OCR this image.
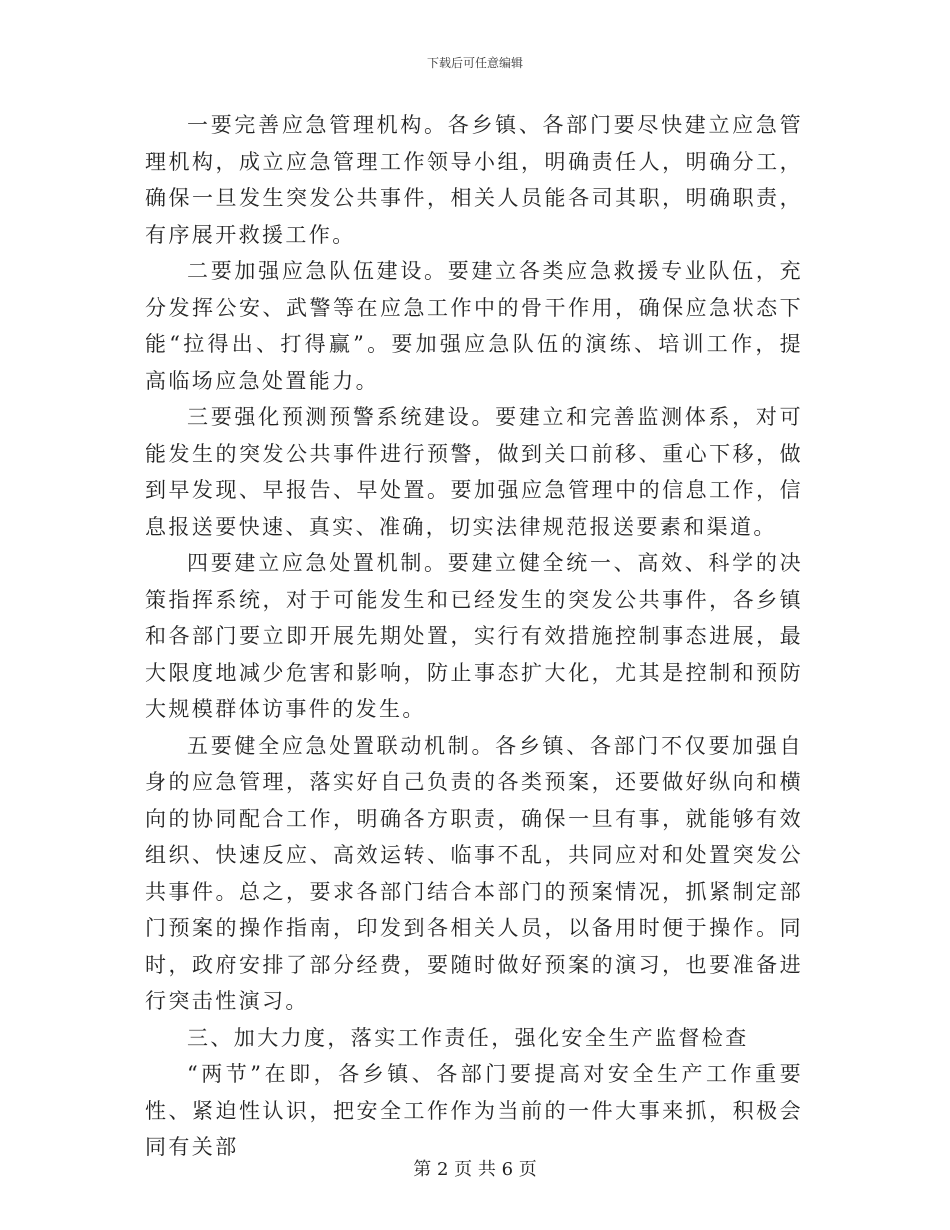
下载后可任意编辑

一要完善应急管理机构。各乡镇、各部门要尽快建立应急管理机构，成立应急管理工作领导小组，明确责任人，明确分工，确保一旦发生突发公共事件，相关人员能各司其职，明确职责，有序展开救援工作。

二要加强应急队伍建设。要建立各类应急救援专业队伍，充分发挥公安、武警等在应急工作中的骨干作用，确保应急状态下能“拉得出、打得赢”。要加强应急队伍的演练、培训工作，提高临场应急处置能力。

三要强化预测预警系统建设。要建立和完善监测体系，对可能发生的突发公共事件进行预警，做到关口前移、重心下移，做到早发现、早报告、早处置。要加强应急管理中的信息工作，信息报送要快速、真实、准确，切实法律规范报送要素和渠道。

四要建立应急处置机制。要建立健全统一、高效、科学的决策指挥系统，对于可能发生和已经发生的突发公共事件，各乡镇和各部门要立即开展先期处置，实行有效措施控制事态进展，最大限度地减少危害和影响，防止事态扩大化，尤其是控制和预防大规模群体访事件的发生。

五要健全应急处置联动机制。各乡镇、各部门不仅要加强自身的应急管理，落实好自己负责的各类预案，还要做好纵向和横向的协同配合工作，明确各方职责，确保一旦有事，就能够有效组织、快速反应、高效运转、临事不乱，共同应对和处置突发公共事件。总之，要求各部门结合本部门的预案情况，抓紧制定部门预案的操作指南，印发到各相关人员，以备用时便于操作。同时，政府安排了部分经费，要随时做好预案的演习，也要准备进行突击性演习。

三、加大力度，落实工作责任，强化安全生产监督检查

“两节”在即，各乡镇、各部门要提高对安全生产工作重要性、紧迫性认识，把安全工作作为当前的一件大事来抓，积极会同有关部

第 2 页 共 6 页
